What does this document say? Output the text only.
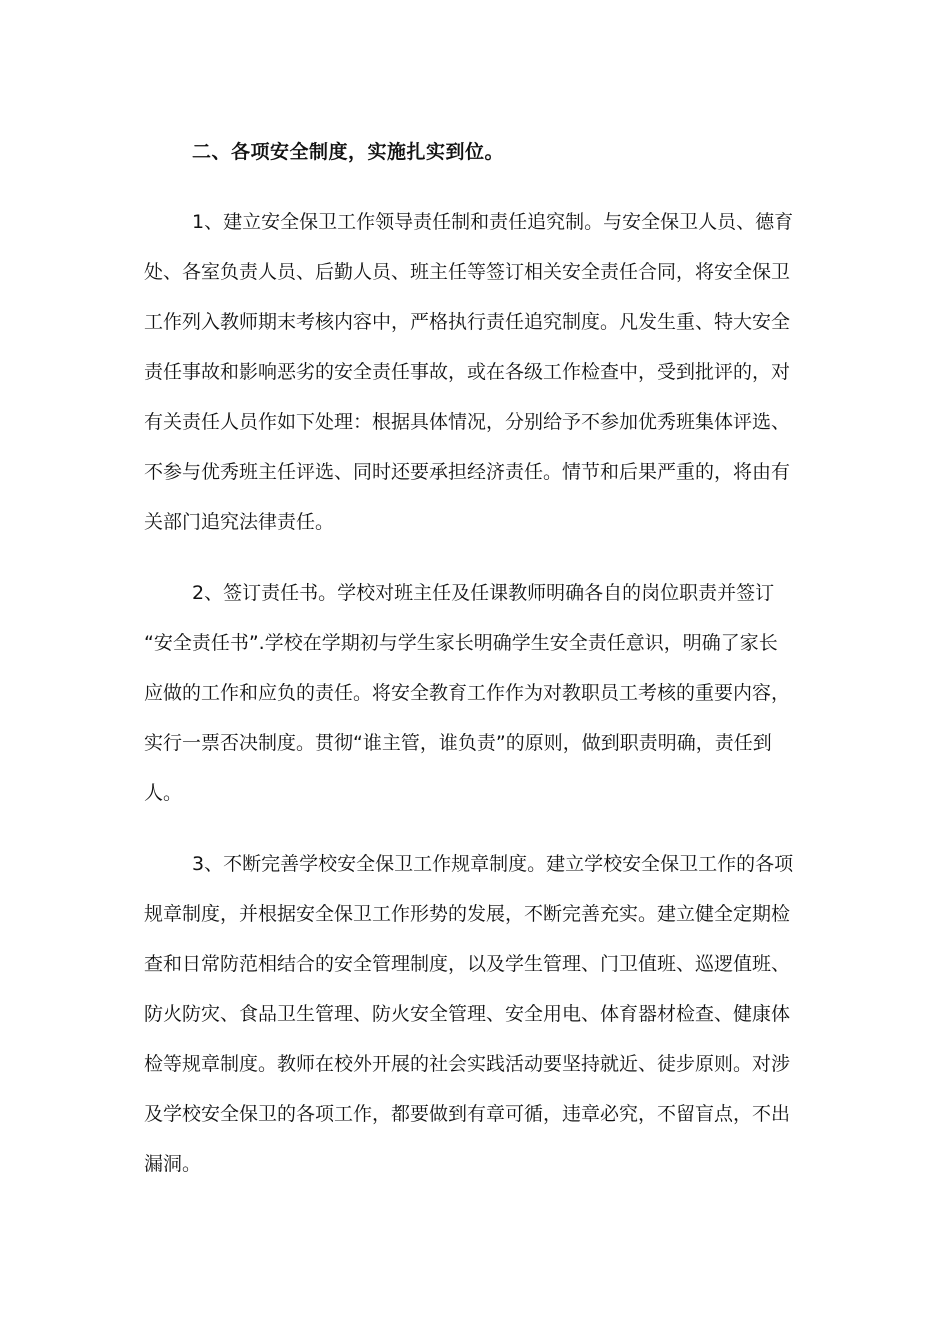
二、各项安全制度，实施扎实到位。
1、建立安全保卫工作领导责任制和责任追究制。与安全保卫人员、德育
处、各室负责人员、后勤人员、班主任等签订相关安全责任合同，将安全保卫
工作列入教师期末考核内容中，严格执行责任追究制度。凡发生重、特大安全
责任事故和影响恶劣的安全责任事故，或在各级工作检查中，受到批评的，对
有关责任人员作如下处理：根据具体情况，分别给予不参加优秀班集体评选、
不参与优秀班主任评选、同时还要承担经济责任。情节和后果严重的，将由有
关部门追究法律责任。
2、签订责任书。学校对班主任及任课教师明确各自的岗位职责并签订
“安全责任书”.学校在学期初与学生家长明确学生安全责任意识，明确了家长
应做的工作和应负的责任。将安全教育工作作为对教职员工考核的重要内容，
实行一票否决制度。贯彻“谁主管，谁负责”的原则，做到职责明确，责任到
人。
3、不断完善学校安全保卫工作规章制度。建立学校安全保卫工作的各项
规章制度，并根据安全保卫工作形势的发展，不断完善充实。建立健全定期检
查和日常防范相结合的安全管理制度，以及学生管理、门卫值班、巡逻值班、
防火防灾、食品卫生管理、防火安全管理、安全用电、体育器材检查、健康体
检等规章制度。教师在校外开展的社会实践活动要坚持就近、徒步原则。对涉
及学校安全保卫的各项工作，都要做到有章可循，违章必究，不留盲点，不出
漏洞。
